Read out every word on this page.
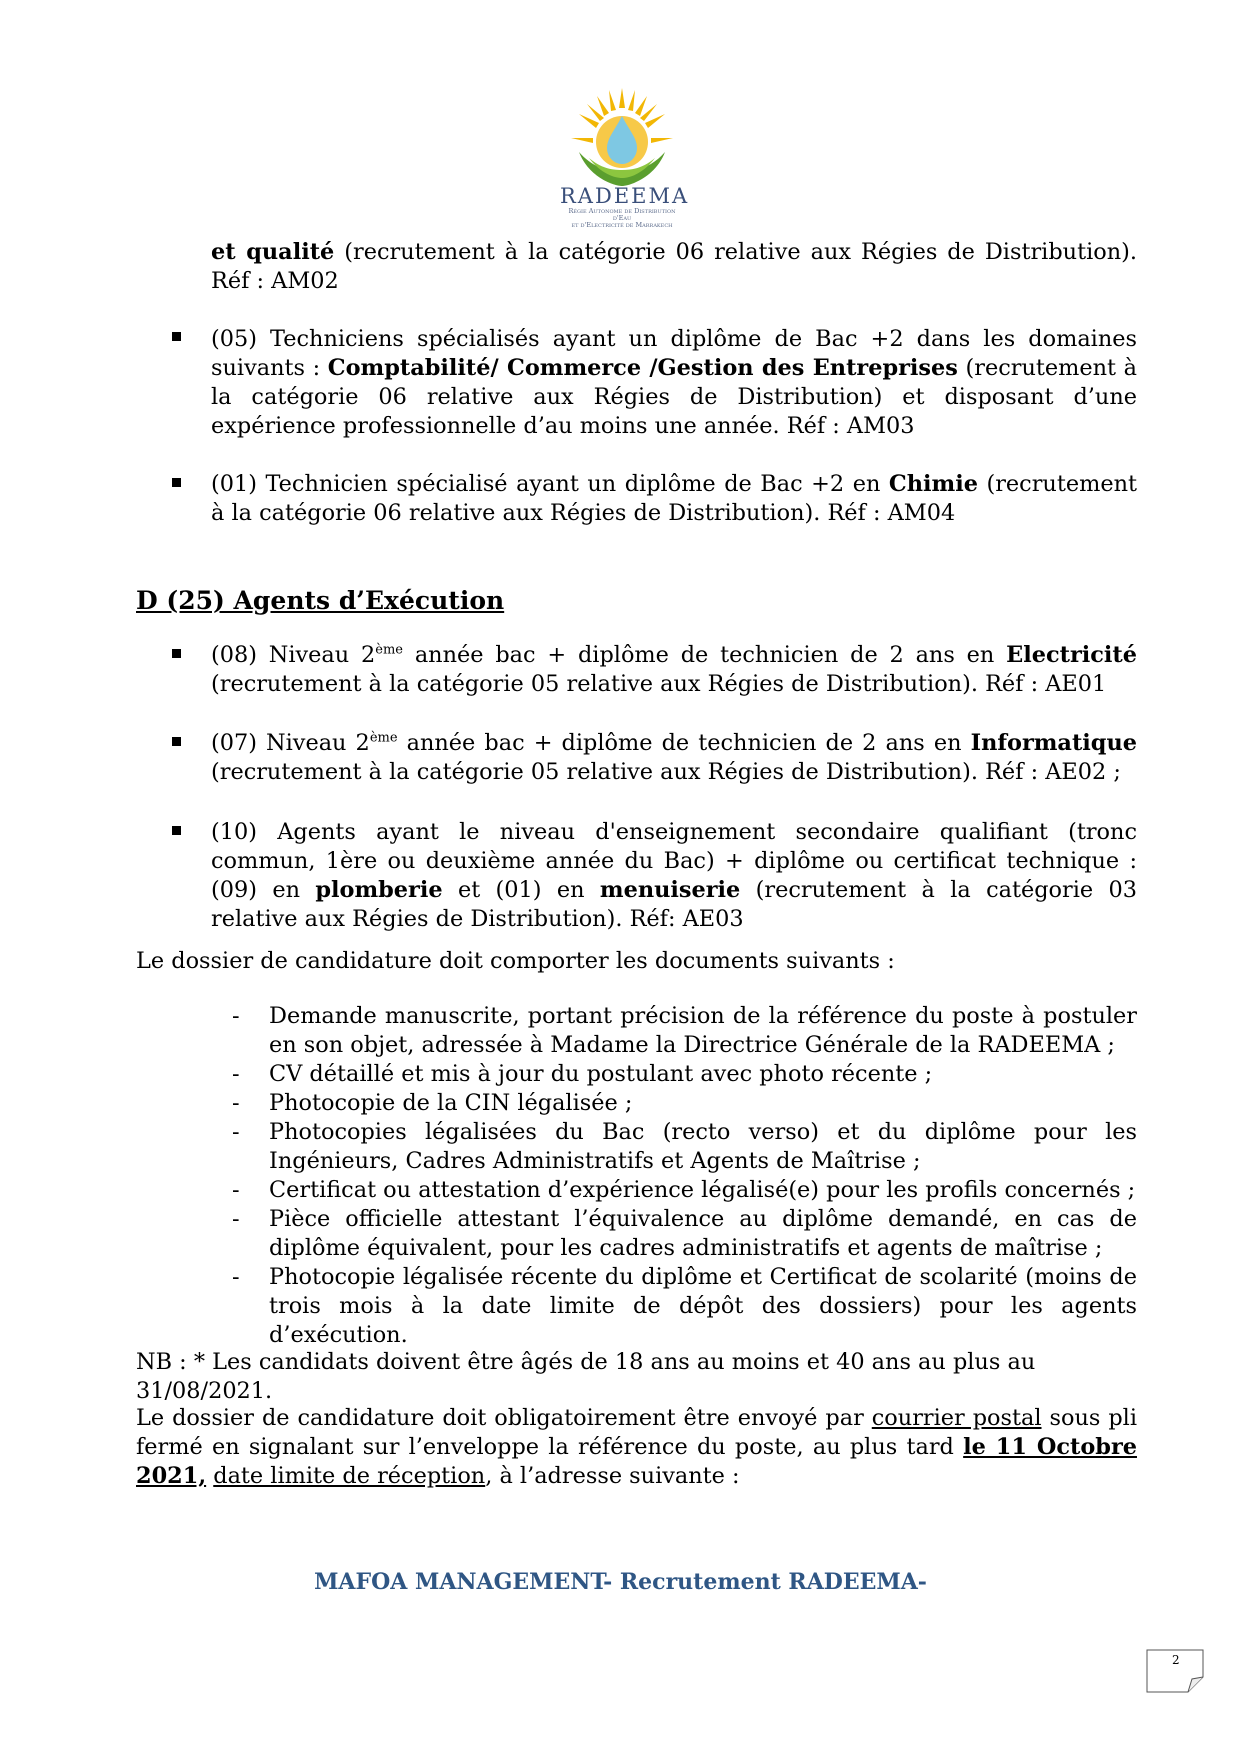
RADEEMA
Régie Autonome de Distribution d'Eau
et d'Electricité de Marrakech
et qualité (recrutement à la catégorie 06 relative aux Régies de Distribution). Réf : AM02
(05) Techniciens spécialisés ayant un diplôme de Bac +2 dans les domaines suivants : Comptabilité/ Commerce /Gestion des Entreprises (recrutement à la catégorie 06 relative aux Régies de Distribution) et disposant d’une expérience professionnelle d’au moins une année. Réf : AM03
(01) Technicien spécialisé ayant un diplôme de Bac +2 en Chimie (recrutement à la catégorie 06 relative aux Régies de Distribution). Réf : AM04
D (25) Agents d’Exécution
(08) Niveau 2ème année bac + diplôme de technicien de 2 ans en Electricité (recrutement à la catégorie 05 relative aux Régies de Distribution). Réf : AE01
(07) Niveau 2ème année bac + diplôme de technicien de 2 ans en Informatique (recrutement à la catégorie 05 relative aux Régies de Distribution). Réf : AE02 ;
(10) Agents ayant le niveau d'enseignement secondaire qualifiant (tronc commun, 1ère ou deuxième année du Bac) + diplôme ou certificat technique : (09) en plomberie et (01) en menuiserie (recrutement à la catégorie 03 relative aux Régies de Distribution). Réf: AE03
Le dossier de candidature doit comporter les documents suivants :
- Demande manuscrite, portant précision de la référence du poste à postuler en son objet, adressée à Madame la Directrice Générale de la RADEEMA ;
- CV détaillé et mis à jour du postulant avec photo récente ;
- Photocopie de la CIN légalisée ;
- Photocopies légalisées du Bac (recto verso) et du diplôme pour les Ingénieurs, Cadres Administratifs et Agents de Maîtrise ;
- Certificat ou attestation d’expérience légalisé(e) pour les profils concernés ;
- Pièce officielle attestant l’équivalence au diplôme demandé, en cas de diplôme équivalent, pour les cadres administratifs et agents de maîtrise ;
- Photocopie légalisée récente du diplôme et Certificat de scolarité (moins de trois mois à la date limite de dépôt des dossiers) pour les agents d’exécution.
NB : * Les candidats doivent être âgés de 18 ans au moins et 40 ans au plus au 31/08/2021.
Le dossier de candidature doit obligatoirement être envoyé par courrier postal sous pli fermé en signalant sur l’enveloppe la référence du poste, au plus tard le 11 Octobre 2021, date limite de réception, à l’adresse suivante :
MAFOA MANAGEMENT- Recrutement RADEEMA-
2
